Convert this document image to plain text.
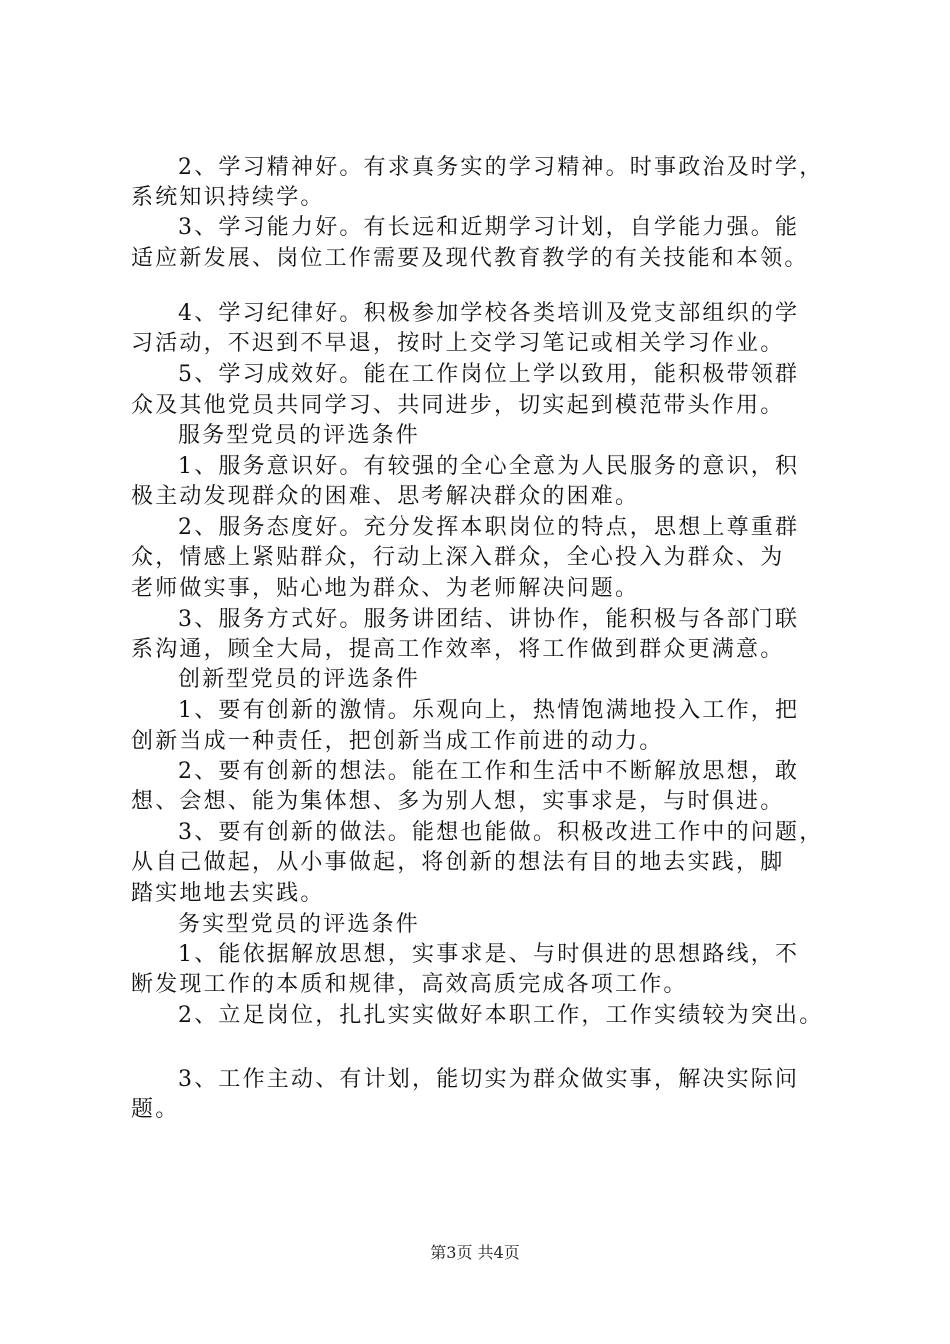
2、学习精神好。有求真务实的学习精神。时事政治及时学，
系统知识持续学。
3、学习能力好。有长远和近期学习计划，自学能力强。能
适应新发展、岗位工作需要及现代教育教学的有关技能和本领。
4、学习纪律好。积极参加学校各类培训及党支部组织的学
习活动，不迟到不早退，按时上交学习笔记或相关学习作业。
5、学习成效好。能在工作岗位上学以致用，能积极带领群
众及其他党员共同学习、共同进步，切实起到模范带头作用。
服务型党员的评选条件
1、服务意识好。有较强的全心全意为人民服务的意识，积
极主动发现群众的困难、思考解决群众的困难。
2、服务态度好。充分发挥本职岗位的特点，思想上尊重群
众，情感上紧贴群众，行动上深入群众，全心投入为群众、为
老师做实事，贴心地为群众、为老师解决问题。
3、服务方式好。服务讲团结、讲协作，能积极与各部门联
系沟通，顾全大局，提高工作效率，将工作做到群众更满意。
创新型党员的评选条件
1、要有创新的激情。乐观向上，热情饱满地投入工作，把
创新当成一种责任，把创新当成工作前进的动力。
2、要有创新的想法。能在工作和生活中不断解放思想，敢
想、会想、能为集体想、多为别人想，实事求是，与时俱进。
3、要有创新的做法。能想也能做。积极改进工作中的问题，
从自己做起，从小事做起，将创新的想法有目的地去实践，脚
踏实地地去实践。
务实型党员的评选条件
1、能依据解放思想，实事求是、与时俱进的思想路线，不
断发现工作的本质和规律，高效高质完成各项工作。
2、立足岗位，扎扎实实做好本职工作，工作实绩较为突出。
3、工作主动、有计划，能切实为群众做实事，解决实际问
题。
第3页 共4页
